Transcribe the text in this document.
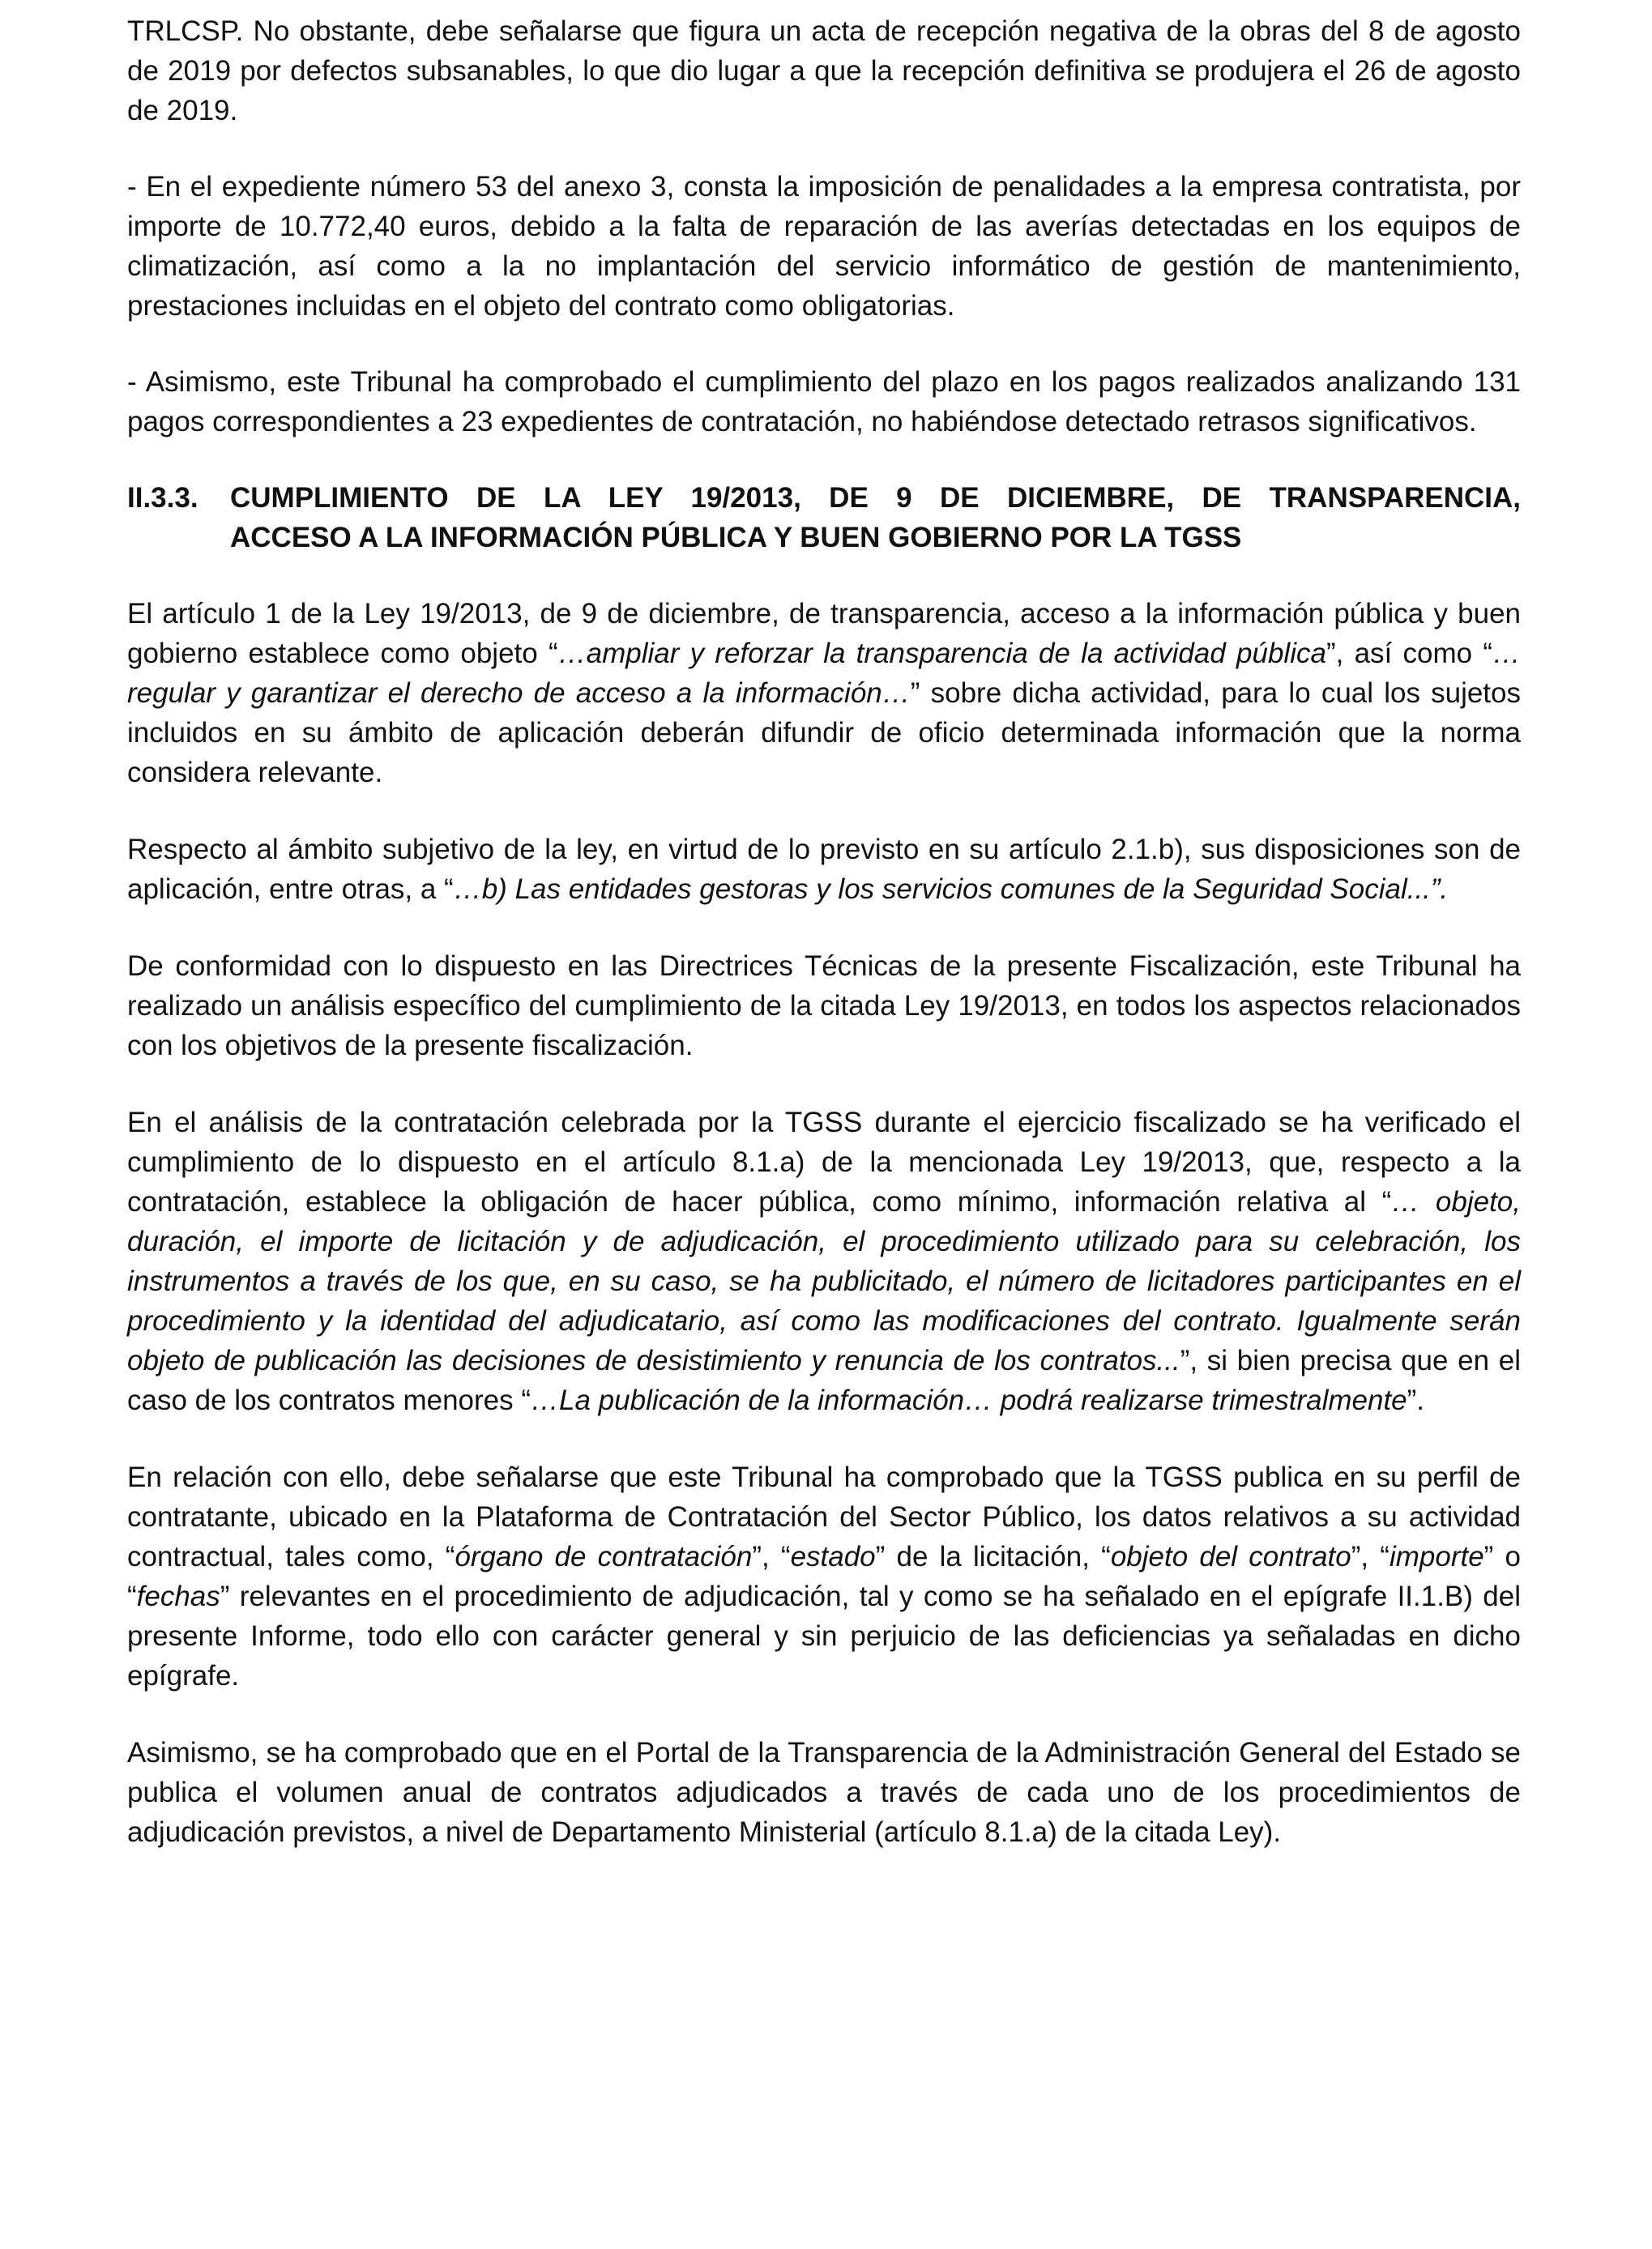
TRLCSP. No obstante, debe señalarse que figura un acta de recepción negativa de la obras del 8 de agosto de 2019 por defectos subsanables, lo que dio lugar a que la recepción definitiva se produjera el 26 de agosto de 2019.

- En el expediente número 53 del anexo 3, consta la imposición de penalidades a la empresa contratista, por importe de 10.772,40 euros, debido a la falta de reparación de las averías detectadas en los equipos de climatización, así como a la no implantación del servicio informático de gestión de mantenimiento, prestaciones incluidas en el objeto del contrato como obligatorias.

- Asimismo, este Tribunal ha comprobado el cumplimiento del plazo en los pagos realizados analizando 131 pagos correspondientes a 23 expedientes de contratación, no habiéndose detectado retrasos significativos.

II.3.3.	CUMPLIMIENTO DE LA LEY 19/2013, DE 9 DE DICIEMBRE, DE TRANSPARENCIA,
ACCESO A LA INFORMACIÓN PÚBLICA Y BUEN GOBIERNO POR LA TGSS

El artículo 1 de la Ley 19/2013, de 9 de diciembre, de transparencia, acceso a la información pública y buen gobierno establece como objeto “…ampliar y reforzar la transparencia de la actividad pública”, así como “…regular y garantizar el derecho de acceso a la información…” sobre dicha actividad, para lo cual los sujetos incluidos en su ámbito de aplicación deberán difundir de oficio determinada información que la norma considera relevante.

Respecto al ámbito subjetivo de la ley, en virtud de lo previsto en su artículo 2.1.b), sus disposiciones son de aplicación, entre otras, a “…b) Las entidades gestoras y los servicios comunes de la Seguridad Social...”.

De conformidad con lo dispuesto en las Directrices Técnicas de la presente Fiscalización, este Tribunal ha realizado un análisis específico del cumplimiento de la citada Ley 19/2013, en todos los aspectos relacionados con los objetivos de la presente fiscalización.

En el análisis de la contratación celebrada por la TGSS durante el ejercicio fiscalizado se ha verificado el cumplimiento de lo dispuesto en el artículo 8.1.a) de la mencionada Ley 19/2013, que, respecto a la contratación, establece la obligación de hacer pública, como mínimo, información relativa al “… objeto, duración, el importe de licitación y de adjudicación, el procedimiento utilizado para su celebración, los instrumentos a través de los que, en su caso, se ha publicitado, el número de licitadores participantes en el procedimiento y la identidad del adjudicatario, así como las modificaciones del contrato. Igualmente serán objeto de publicación las decisiones de desistimiento y renuncia de los contratos...”, si bien precisa que en el caso de los contratos menores “…La publicación de la información… podrá realizarse trimestralmente”.

En relación con ello, debe señalarse que este Tribunal ha comprobado que la TGSS publica en su perfil de contratante, ubicado en la Plataforma de Contratación del Sector Público, los datos relativos a su actividad contractual, tales como, “órgano de contratación”, “estado” de la licitación, “objeto del contrato”, “importe” o “fechas” relevantes en el procedimiento de adjudicación, tal y como se ha señalado en el epígrafe II.1.B) del presente Informe, todo ello con carácter general y sin perjuicio de las deficiencias ya señaladas en dicho epígrafe.

Asimismo, se ha comprobado que en el Portal de la Transparencia de la Administración General del Estado se publica el volumen anual de contratos adjudicados a través de cada uno de los procedimientos de adjudicación previstos, a nivel de Departamento Ministerial (artículo 8.1.a) de la citada Ley).
